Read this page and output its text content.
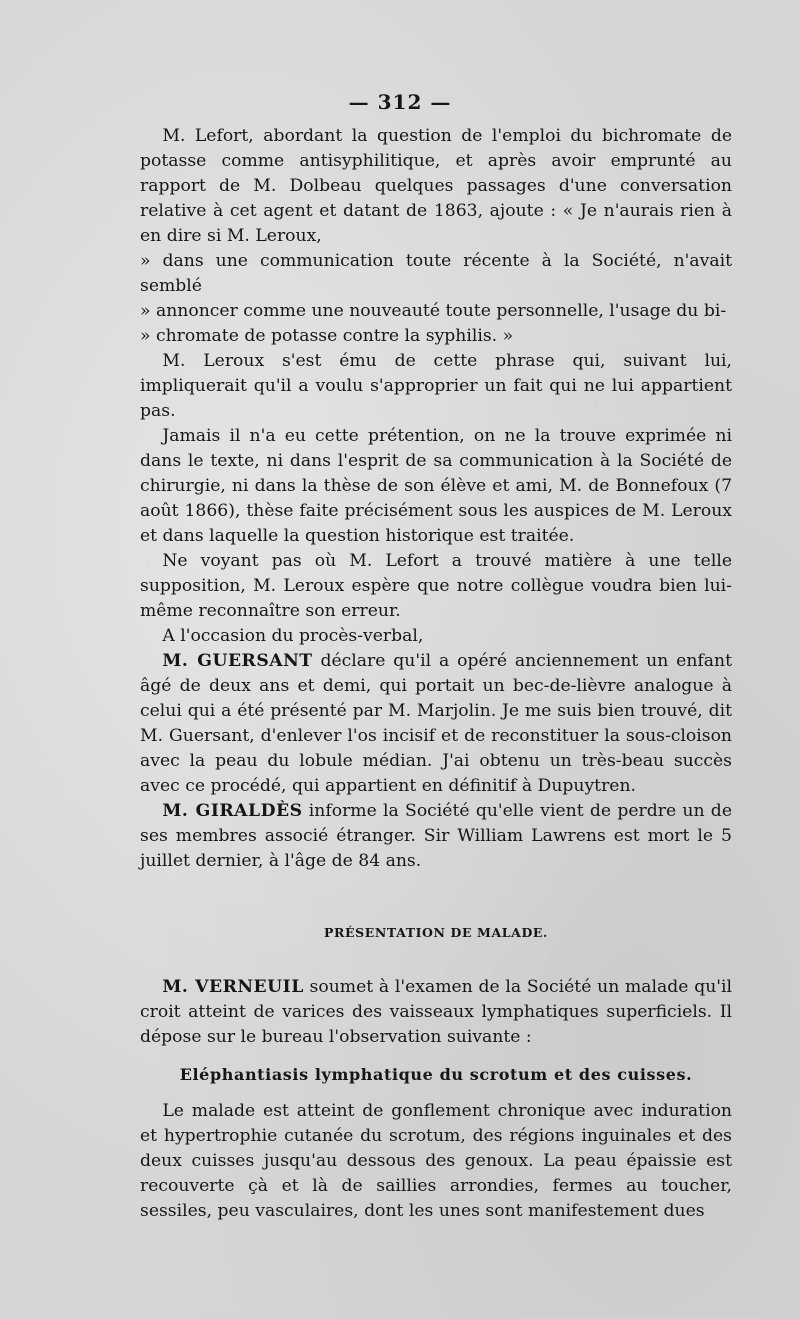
— 312 —

M. Lefort, abordant la question de l'emploi du bichromate de potasse comme antisyphilitique, et après avoir emprunté au rapport de M. Dolbeau quelques passages d'une conversation relative à cet agent et datant de 1863, ajoute : « Je n'aurais rien à en dire si M. Leroux,
» dans une communication toute récente à la Société, n'avait semblé
» annoncer comme une nouveauté toute personnelle, l'usage du bi-
» chromate de potasse contre la syphilis. »

M. Leroux s'est ému de cette phrase qui, suivant lui, impliquerait qu'il a voulu s'approprier un fait qui ne lui appartient pas.

Jamais il n'a eu cette prétention, on ne la trouve exprimée ni dans le texte, ni dans l'esprit de sa communication à la Société de chirurgie, ni dans la thèse de son élève et ami, M. de Bonnefoux (7 août 1866), thèse faite précisément sous les auspices de M. Leroux et dans laquelle la question historique est traitée.

Ne voyant pas où M. Lefort a trouvé matière à une telle supposition, M. Leroux espère que notre collègue voudra bien lui-même reconnaître son erreur.

A l'occasion du procès-verbal,

M. GUERSANT déclare qu'il a opéré anciennement un enfant âgé de deux ans et demi, qui portait un bec-de-lièvre analogue à celui qui a été présenté par M. Marjolin. Je me suis bien trouvé, dit M. Guersant, d'enlever l'os incisif et de reconstituer la sous-cloison avec la peau du lobule médian. J'ai obtenu un très-beau succès avec ce procédé, qui appartient en définitif à Dupuytren.

M. GIRALDÈS informe la Société qu'elle vient de perdre un de ses membres associé étranger. Sir William Lawrens est mort le 5 juillet dernier, à l'âge de 84 ans.

PRÉSENTATION DE MALADE.

M. VERNEUIL soumet à l'examen de la Société un malade qu'il croit atteint de varices des vaisseaux lymphatiques superficiels. Il dépose sur le bureau l'observation suivante :

Eléphantiasis lymphatique du scrotum et des cuisses.

Le malade est atteint de gonflement chronique avec induration et hypertrophie cutanée du scrotum, des régions inguinales et des deux cuisses jusqu'au dessous des genoux. La peau épaissie est recouverte çà et là de saillies arrondies, fermes au toucher, sessiles, peu vasculaires, dont les unes sont manifestement dues
